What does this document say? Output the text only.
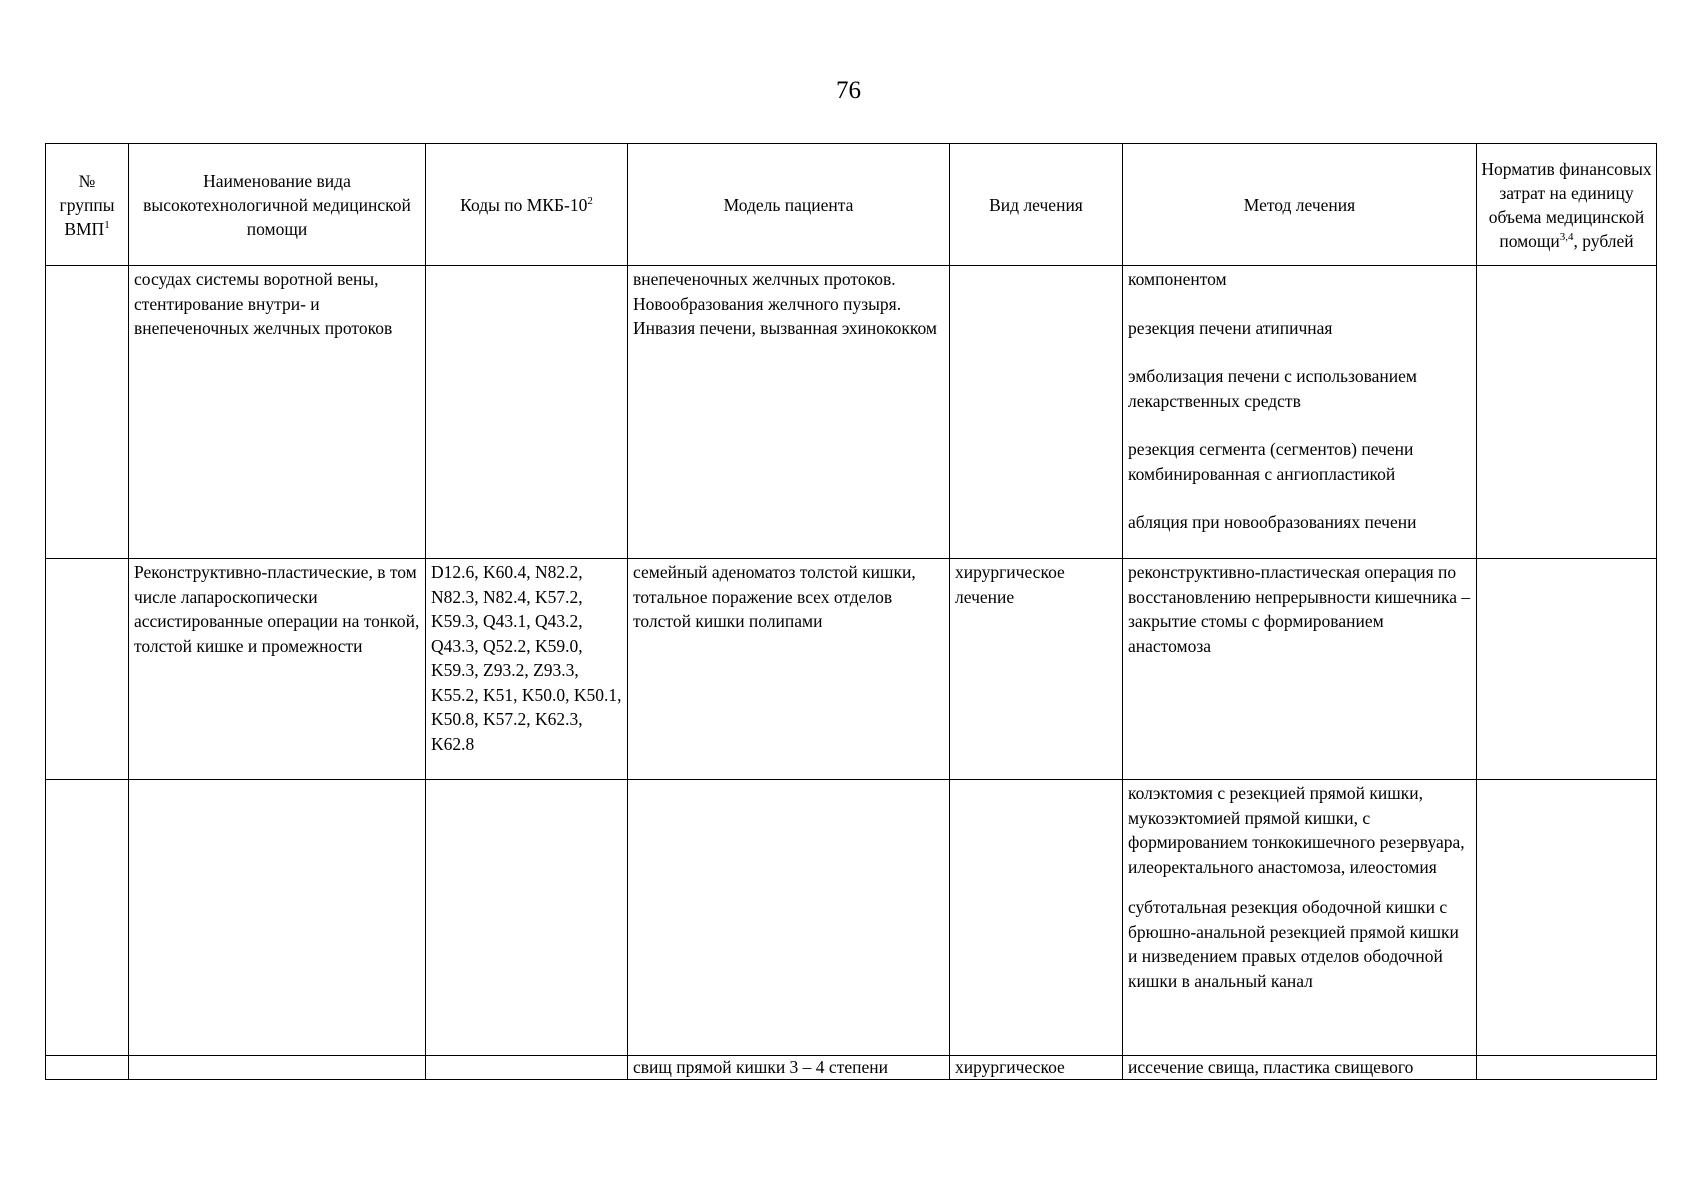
76
№ группы ВМП$^1$	Наименование вида высокотехнологичной медицинской помощи	Коды по МКБ-$10^2$	Модель пациента	Вид лечения	Метод лечения	Норматив финансовых затрат на единицу объема медицинской помощи$^{3,4}$, рублей
	сосудах системы воротной вены, стентирование внутри- и внепеченочных желчных протоков		внепеченочных желчных протоков. Новообразования желчного пузыря. Инвазия печени, вызванная эхинококком		компонентом
резекция печени атипичная
эмболизация печени с использованием лекарственных средств
резекция сегмента (сегментов) печени комбинированная с ангиопластикой
абляция при новообразованиях печени	

	Реконструктивно-пластические, в том числе лапароскопически ассистированные операции на тонкой, толстой кишке и промежности	D12.6, K60.4, N82.2, N82.3, N82.4, K57.2, K59.3, Q43.1, Q43.2, Q43.3, Q52.2, K59.0, K59.3, Z93.2, Z93.3, K55.2, K51, K50.0, K50.1, K50.8, K57.2, K62.3, K62.8	семейный аденоматоз толстой кишки, тотальное поражение всех отделов толстой кишки полипами	хирургическое лечение	реконструктивно-пластическая операция по восстановлению непрерывности кишечника – закрытие стомы с формированием анастомоза	

					колэктомия с резекцией прямой кишки, мукозэктомией прямой кишки, с формированием тонкокишечного резервуара, илеоректального анастомоза, илеостомия
субтотальная резекция ободочной кишки с брюшно-анальной резекцией прямой кишки и низведением правых отделов ободочной кишки в анальный канал	

			свищ прямой кишки 3 – 4 степени	хирургическое	иссечение свища, пластика свищевого	
